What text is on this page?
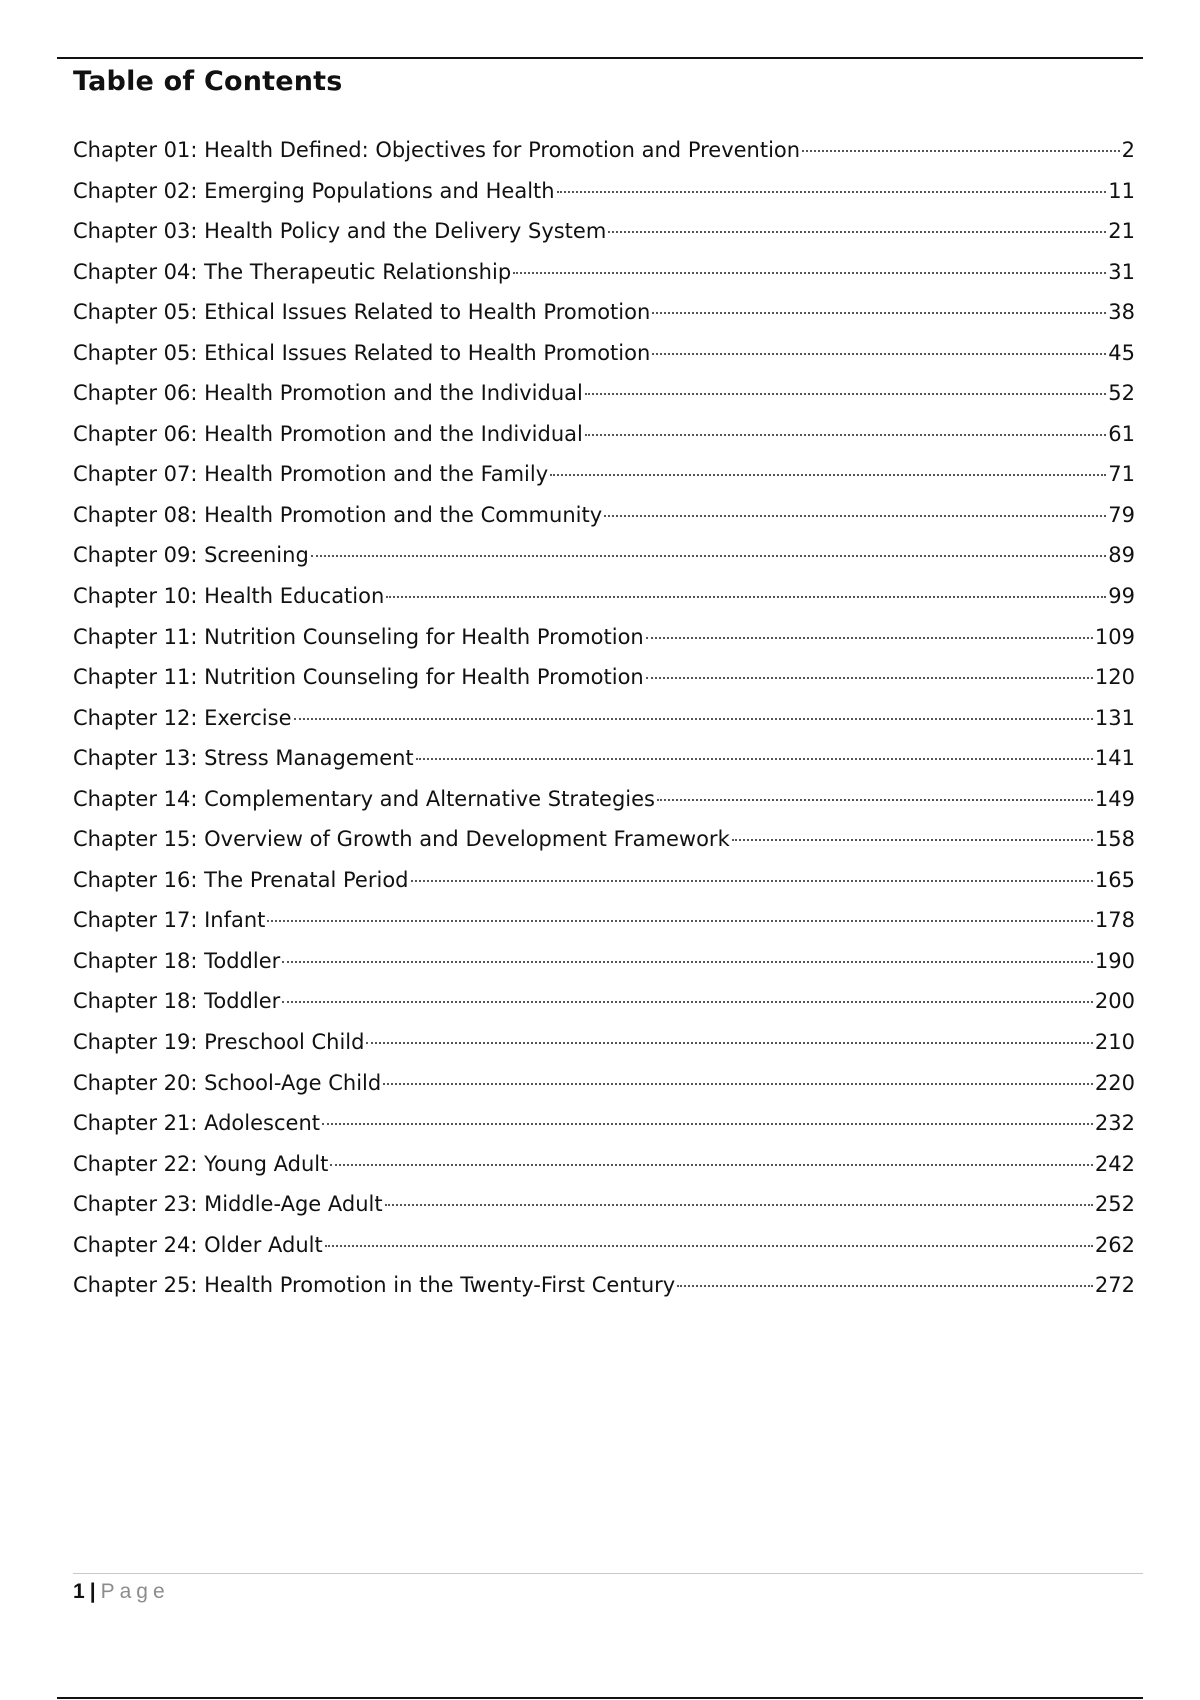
Table of Contents
Chapter 01: Health Defined: Objectives for Promotion and Prevention	2
Chapter 02: Emerging Populations and Health	11
Chapter 03: Health Policy and the Delivery System	21
Chapter 04: The Therapeutic Relationship	31
Chapter 05: Ethical Issues Related to Health Promotion	38
Chapter 05: Ethical Issues Related to Health Promotion	45
Chapter 06: Health Promotion and the Individual	52
Chapter 06: Health Promotion and the Individual	61
Chapter 07: Health Promotion and the Family	71
Chapter 08: Health Promotion and the Community	79
Chapter 09: Screening	89
Chapter 10: Health Education	99
Chapter 11: Nutrition Counseling for Health Promotion	109
Chapter 11: Nutrition Counseling for Health Promotion	120
Chapter 12: Exercise	131
Chapter 13: Stress Management	141
Chapter 14: Complementary and Alternative Strategies	149
Chapter 15: Overview of Growth and Development Framework	158
Chapter 16: The Prenatal Period	165
Chapter 17: Infant	178
Chapter 18: Toddler	190
Chapter 18: Toddler	200
Chapter 19: Preschool Child	210
Chapter 20: School-Age Child	220
Chapter 21: Adolescent	232
Chapter 22: Young Adult	242
Chapter 23: Middle-Age Adult	252
Chapter 24: Older Adult	262
Chapter 25: Health Promotion in the Twenty-First Century	272
1 | Page
